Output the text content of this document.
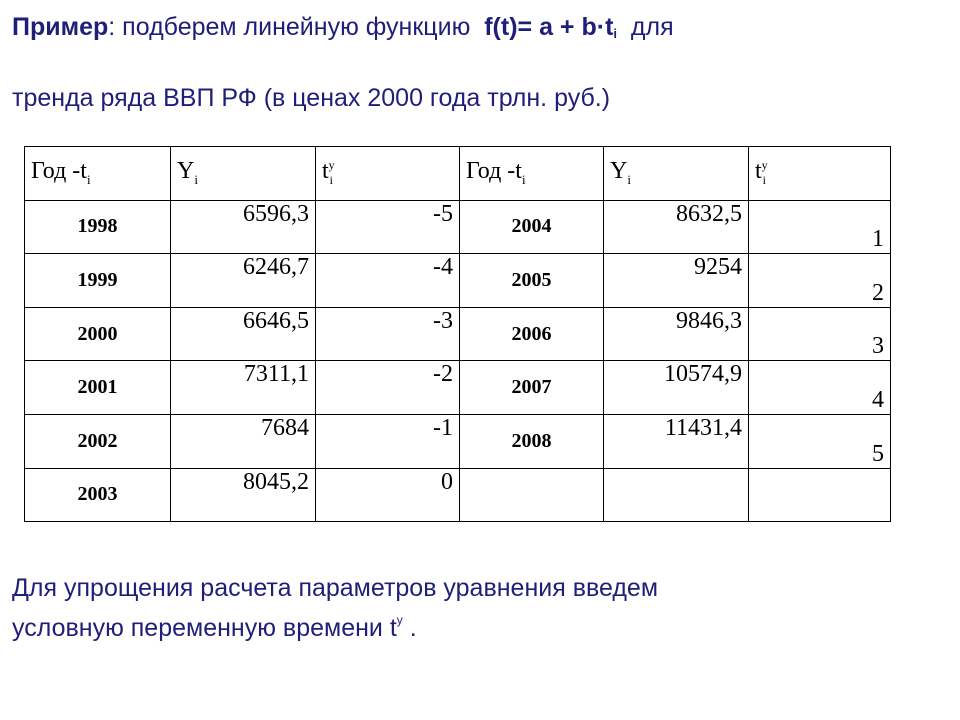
Пример: подберем линейную функцию  $f(t)= a + b\cdot t_i$  для
тренда ряда ВВП РФ (в ценах 2000 года трлн. руб.)
Год $-t_i$	$Y_i$	$t^у_i$	Год $-t_i$	$Y_i$	$t^у_i$
1998	6596,3	-5	2004	8632,5	1
1999	6246,7	-4	2005	9254	2
2000	6646,5	-3	2006	9846,3	3
2001	7311,1	-2	2007	10574,9	4
2002	7684	-1	2008	11431,4	5
2003	8045,2	0			
Для упрощения расчета параметров уравнения введем
условную переменную времени $t^у$ .
